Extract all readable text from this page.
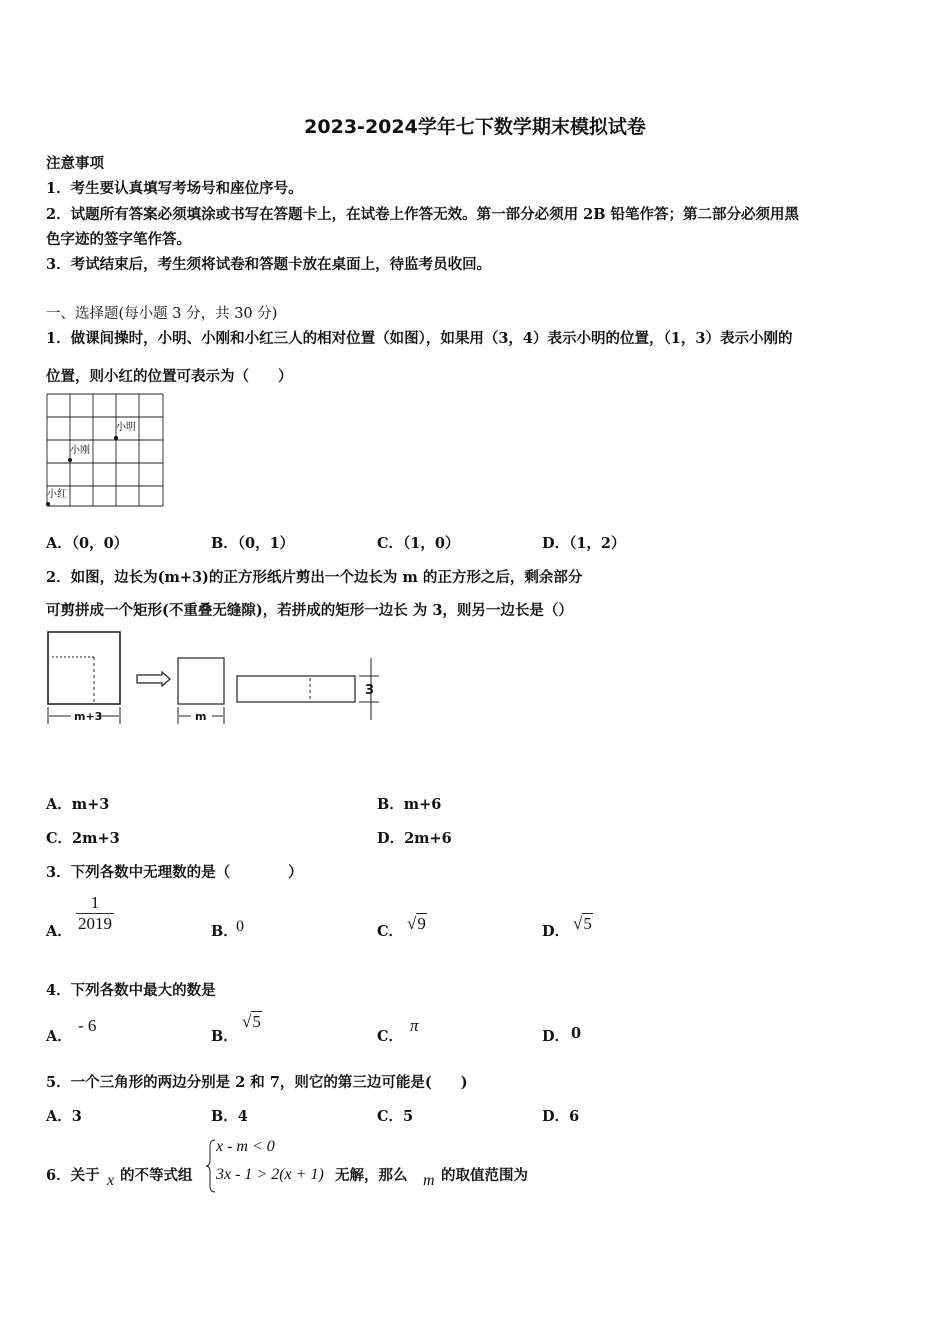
2023-2024学年七下数学期末模拟试卷
注意事项
1．考生要认真填写考场号和座位序号。
2．试题所有答案必须填涂或书写在答题卡上，在试卷上作答无效。第一部分必须用 2B 铅笔作答；第二部分必须用黑
色字迹的签字笔作答。
3．考试结束后，考生须将试卷和答题卡放在桌面上，待监考员收回。
一、选择题(每小题 3 分，共 30 分)
1．做课间操时，小明、小刚和小红三人的相对位置（如图），如果用（3，4）表示小明的位置，（1，3）表示小刚的
位置，则小红的位置可表示为（　　）
小明
小刚
小红
A．（0，0）	B．（0，1）	C．（1，0）	D．（1，2）
2．如图，边长为(m+3)的正方形纸片剪出一个边长为 m 的正方形之后，剩余部分
可剪拼成一个矩形(不重叠无缝隙)，若拼成的矩形一边长 为 3，则另一边长是（）
m+3	m
3
A．m+3	B．m+6
C．2m+3	D．2m+6
3．下列各数中无理数的是（　　　　）
A． $\frac{1}{2019}$	B．
0	C． √9	D． √5
4．下列各数中最大的数是
A．
- 6
B．
√5
C．
π
D． 0
5．一个三角形的两边分别是 2 和 7，则它的第三边可能是(　　)
A．3	B．4	C．5	D．6
6．关于 x 的不等式组
x - m < 0
3x - 1 > 2(x + 1) 无解，那么 m 的取值范围为
